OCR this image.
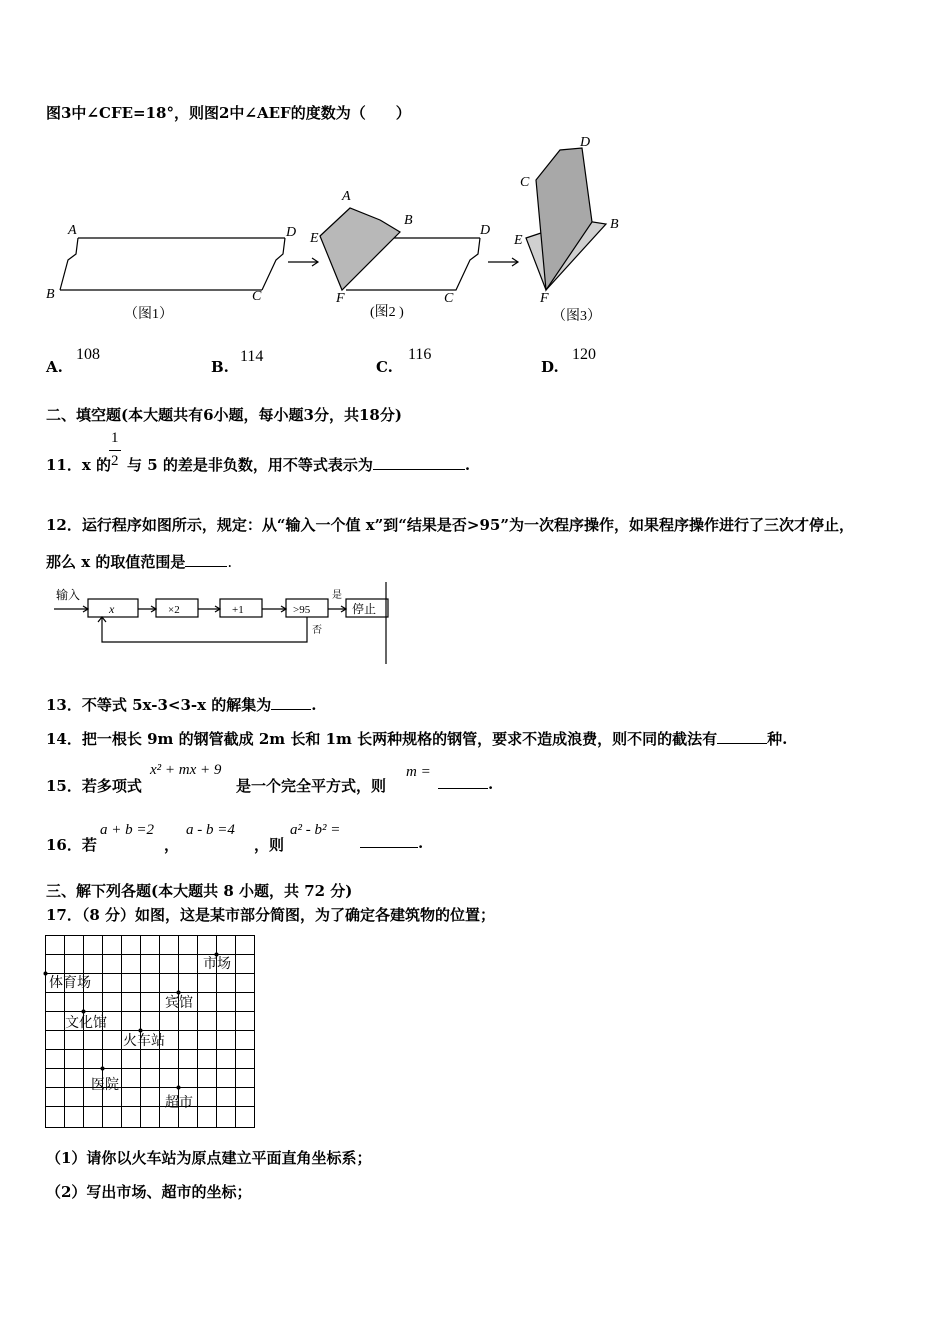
图3中∠CFE=18°，则图2中∠AEF的度数为（　　）
A
B	C
D
（图1）
A
B
C
D
E
F
(图2 )
C
D
B
E
F
（图3）
A.
108
B.
114
C.
116
D.
120
二、填空题(本大题共有6小题，每小题3分，共18分)
11．x 的
1
2 与 5 的差是非负数，用不等式表示为	.
12．运行程序如图所示，规定：从“输入一个值 x”到“结果是否>95”为一次程序操作，如果程序操作进行了三次才停止，
那么 x 的取值范围是	.
输入
x	×2	+1	>95	停止
是
否
13．不等式 5x-3<3-x 的解集为	.
14．把一根长 9m 的钢管截成 2m 长和 1m 长两种规格的钢管，要求不造成浪费，则不同的截法有	种.
15．若多项式
x² + mx + 9
是一个完全平方式，则
m =
.
16．若
a + b =2
，
a - b =4
，则
a² - b² =
.
三、解下列各题(本大题共 8 小题，共 72 分)
17．（8 分）如图，这是某市部分简图，为了确定各建筑物的位置；
市场
体育场
宾馆
文化馆
火车站
医院
超市
（1）请你以火车站为原点建立平面直角坐标系；
（2）写出市场、超市的坐标；
